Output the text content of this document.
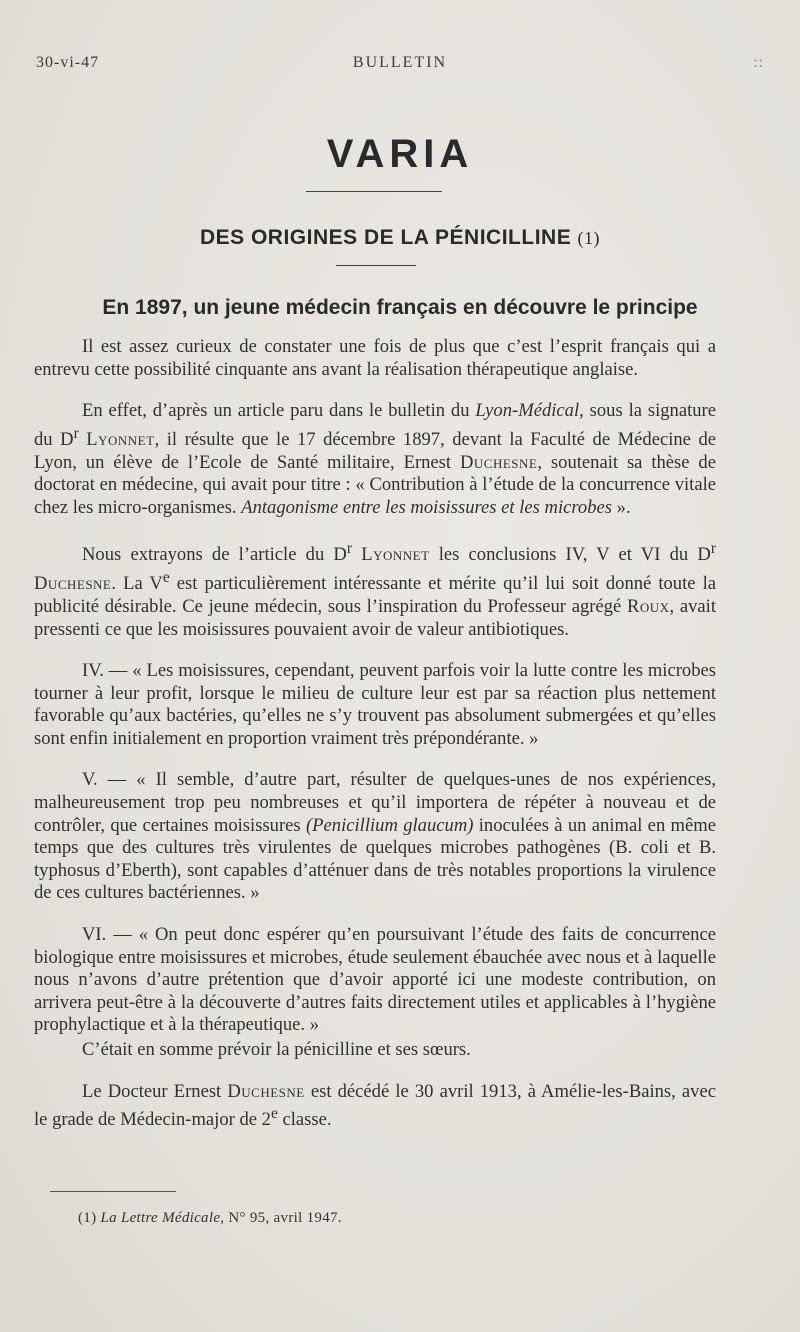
30-vi-47	BULLETIN	::
VARIA
DES ORIGINES DE LA PÉNICILLINE (1)
En 1897, un jeune médecin français en découvre le principe

Il est assez curieux de constater une fois de plus que c’est l’esprit français qui a entrevu cette possibilité cinquante ans avant la réalisation thérapeutique anglaise.

En effet, d’après un article paru dans le bulletin du Lyon-Médical, sous la signature du $D^r$ Lyonnet, il résulte que le 17 décembre 1897, devant la Faculté de Médecine de Lyon, un élève de l’Ecole de Santé militaire, Ernest Duchesne, soutenait sa thèse de doctorat en médecine, qui avait pour titre : « Contribution à l’étude de la concurrence vitale chez les micro-organismes. Antagonisme entre les moisissures et les microbes ».

Nous extrayons de l’article du $D^r$ Lyonnet les conclusions IV, V et VI du $D^r$ Duchesne. La Ve est particulièrement intéressante et mérite qu’il lui soit donné toute la publicité désirable. Ce jeune médecin, sous l’inspiration du Professeur agrégé Roux, avait pressenti ce que les moisissures pouvaient avoir de valeur antibiotiques.

IV. — « Les moisissures, cependant, peuvent parfois voir la lutte contre les microbes tourner à leur profit, lorsque le milieu de culture leur est par sa réaction plus nettement favorable qu’aux bactéries, qu’elles ne s’y trouvent pas absolument submergées et qu’elles sont enfin initialement en proportion vraiment très prépondérante. »

V. — « Il semble, d’autre part, résulter de quelques-unes de nos expériences, malheureusement trop peu nombreuses et qu’il importera de répéter à nouveau et de contrôler, que certaines moisissures (Penicillium glaucum) inoculées à un animal en même temps que des cultures très virulentes de quelques microbes pathogènes (B. coli et B. typhosus d’Eberth), sont capables d’atténuer dans de très notables proportions la virulence de ces cultures bactériennes. »

VI. — « On peut donc espérer qu’en poursuivant l’étude des faits de concurrence biologique entre moisissures et microbes, étude seulement ébauchée avec nous et à laquelle nous n’avons d’autre prétention que d’avoir apporté ici une modeste contribution, on arrivera peut-être à la découverte d’autres faits directement utiles et applicables à l’hygiène prophylactique et à la thérapeutique. »

C’était en somme prévoir la pénicilline et ses sœurs.

Le Docteur Ernest Duchesne est décédé le 30 avril 1913, à Amélie-les-Bains, avec le grade de Médecin-major de 2e classe.

(1) La Lettre Médicale, N° 95, avril 1947.
